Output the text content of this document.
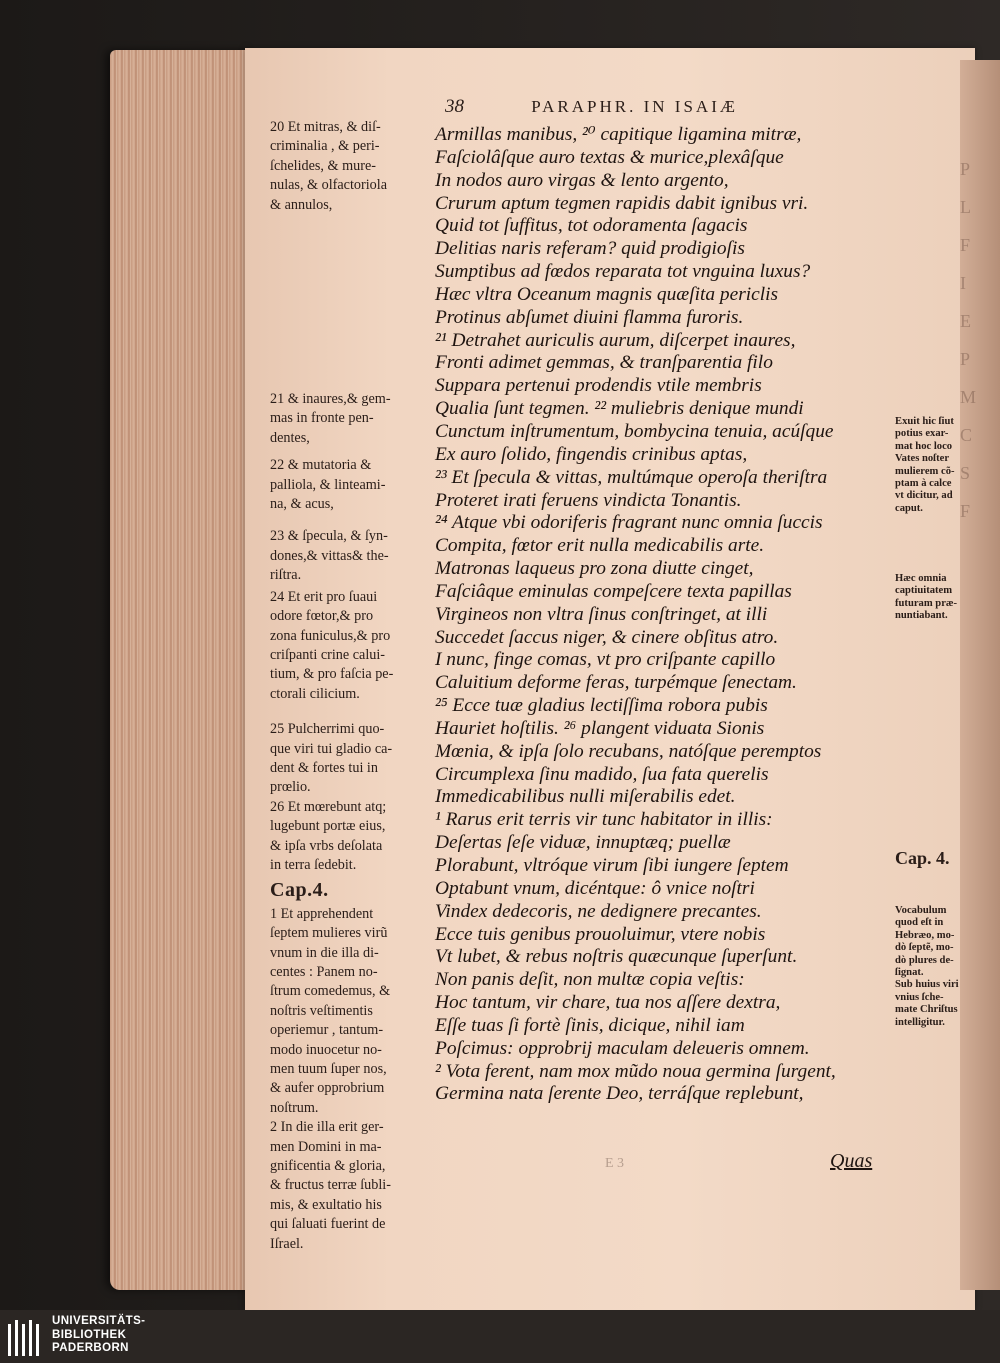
38	PARAPHR. IN ISAIÆ
20 Et mitras, & diſ-
criminalia , & peri-
ſchelides, & mure-
nulas, & olfactoriola
& annulos,
21 & inaures,& gem-
mas in fronte pen-
dentes,
22 & mutatoria &
palliola, & linteami-
na, & acus,
23 & ſpecula, & ſyn-
dones,& vittas& the-
riſtra.
24 Et erit pro ſuaui
odore fœtor,& pro
zona funiculus,& pro
criſpanti crine calui-
tium, & pro faſcia pe-
ctorali cilicium.
25 Pulcherrimi quo-
que viri tui gladio ca-
dent & fortes tui in
prœlio.
26 Et mœrebunt atq;
lugebunt portæ eius,
& ipſa vrbs deſolata
in terra ſedebit.
Cap.4.
1 Et apprehendent
ſeptem mulieres virũ
vnum in die illa di-
centes : Panem no-
ſtrum comedemus, &
noſtris veſtimentis
operiemur , tantum-
modo inuocetur no-
men tuum ſuper nos,
& aufer opprobrium
noſtrum.
2 In die illa erit ger-
men Domini in ma-
gnificentia & gloria,
& fructus terræ ſubli-
mis, & exultatio his
qui ſaluati fuerint de
Iſrael.
Armillas manibus, ²⁰ capitique ligamina mitræ,
Faſciolâſque auro textas & murice,plexâſque
In nodos auro virgas & lento argento,
Crurum aptum tegmen rapidis dabit ignibus vri.
Quid tot ſuffitus, tot odoramenta ſagacis
Delitias naris referam? quid prodigioſis
Sumptibus ad fœdos reparata tot vnguina luxus?
Hæc vltra Oceanum magnis quæſita periclis
Protinus abſumet diuini flamma furoris.
²¹ Detrahet auriculis aurum, diſcerpet inaures,
Fronti adimet gemmas, & tranſparentia filo
Suppara pertenui prodendis vtile membris
Qualia ſunt tegmen. ²² muliebris denique mundi
Cunctum inſtrumentum, bombycina tenuia, acúſque
Ex auro ſolido, fingendis crinibus aptas,
²³ Et ſpecula & vittas, multúmque operoſa theriſtra
Proteret irati feruens vindicta Tonantis.
²⁴ Atque vbi odoriferis fragrant nunc omnia ſuccis
Compita, fœtor erit nulla medicabilis arte.
Matronas laqueus pro zona diutte cinget,
Faſciâque eminulas compeſcere texta papillas
Virgineos non vltra ſinus conſtringet, at illi
Succedet ſaccus niger, & cinere obſitus atro.
I nunc, finge comas, vt pro criſpante capillo
Caluitium deforme feras, turpémque ſenectam.
²⁵ Ecce tuæ gladius lectiſſima robora pubis
Hauriet hoſtilis. ²⁶ plangent viduata Sionis
Mœnia, & ipſa ſolo recubans, natóſque peremptos
Circumplexa ſinu madido, ſua fata querelis
Immedicabilibus nulli miſerabilis edet.
¹ Rarus erit terris vir tunc habitator in illis:
Deſertas ſeſe viduæ, innuptæq; puellæ
Plorabunt, vltróque virum ſibi iungere ſeptem
Optabunt vnum, dicéntque: ô vnice noſtri
Vindex dedecoris, ne dedignere precantes.
Ecce tuis genibus prouoluimur, vtere nobis
Vt lubet, & rebus noſtris quæcunque ſuperſunt.
Non panis deſit, non multæ copia veſtis:
Hoc tantum, vir chare, tua nos aſſere dextra,
Eſſe tuas ſi fortè ſinis, dicique, nihil iam
Poſcimus: opprobrij maculam deleueris omnem.
² Vota ferent, nam mox mũdo noua germina ſurgent,
Germina nata ſerente Deo, terráſque replebunt,
Exuit hic ſiut
potius exar-
mat hoc loco
Vates noſter
mulierem cõ-
ptam à calce
vt dicitur, ad
caput.
Hæc omnia
captiuitatem
futuram præ-
nuntiabant.
Cap. 4.
Vocabulum
quod eſt in
Hebræo, mo-
dò ſeptẽ, mo-
dò plures de-
ſignat.
Sub huius viri
vnius ſche-
mate Chriſtus
intelligitur.
E 3	Quas
P
L
F
I
E
P
M
C
S
F
UNIVERSITÄTS-
BIBLIOTHEK
PADERBORN
